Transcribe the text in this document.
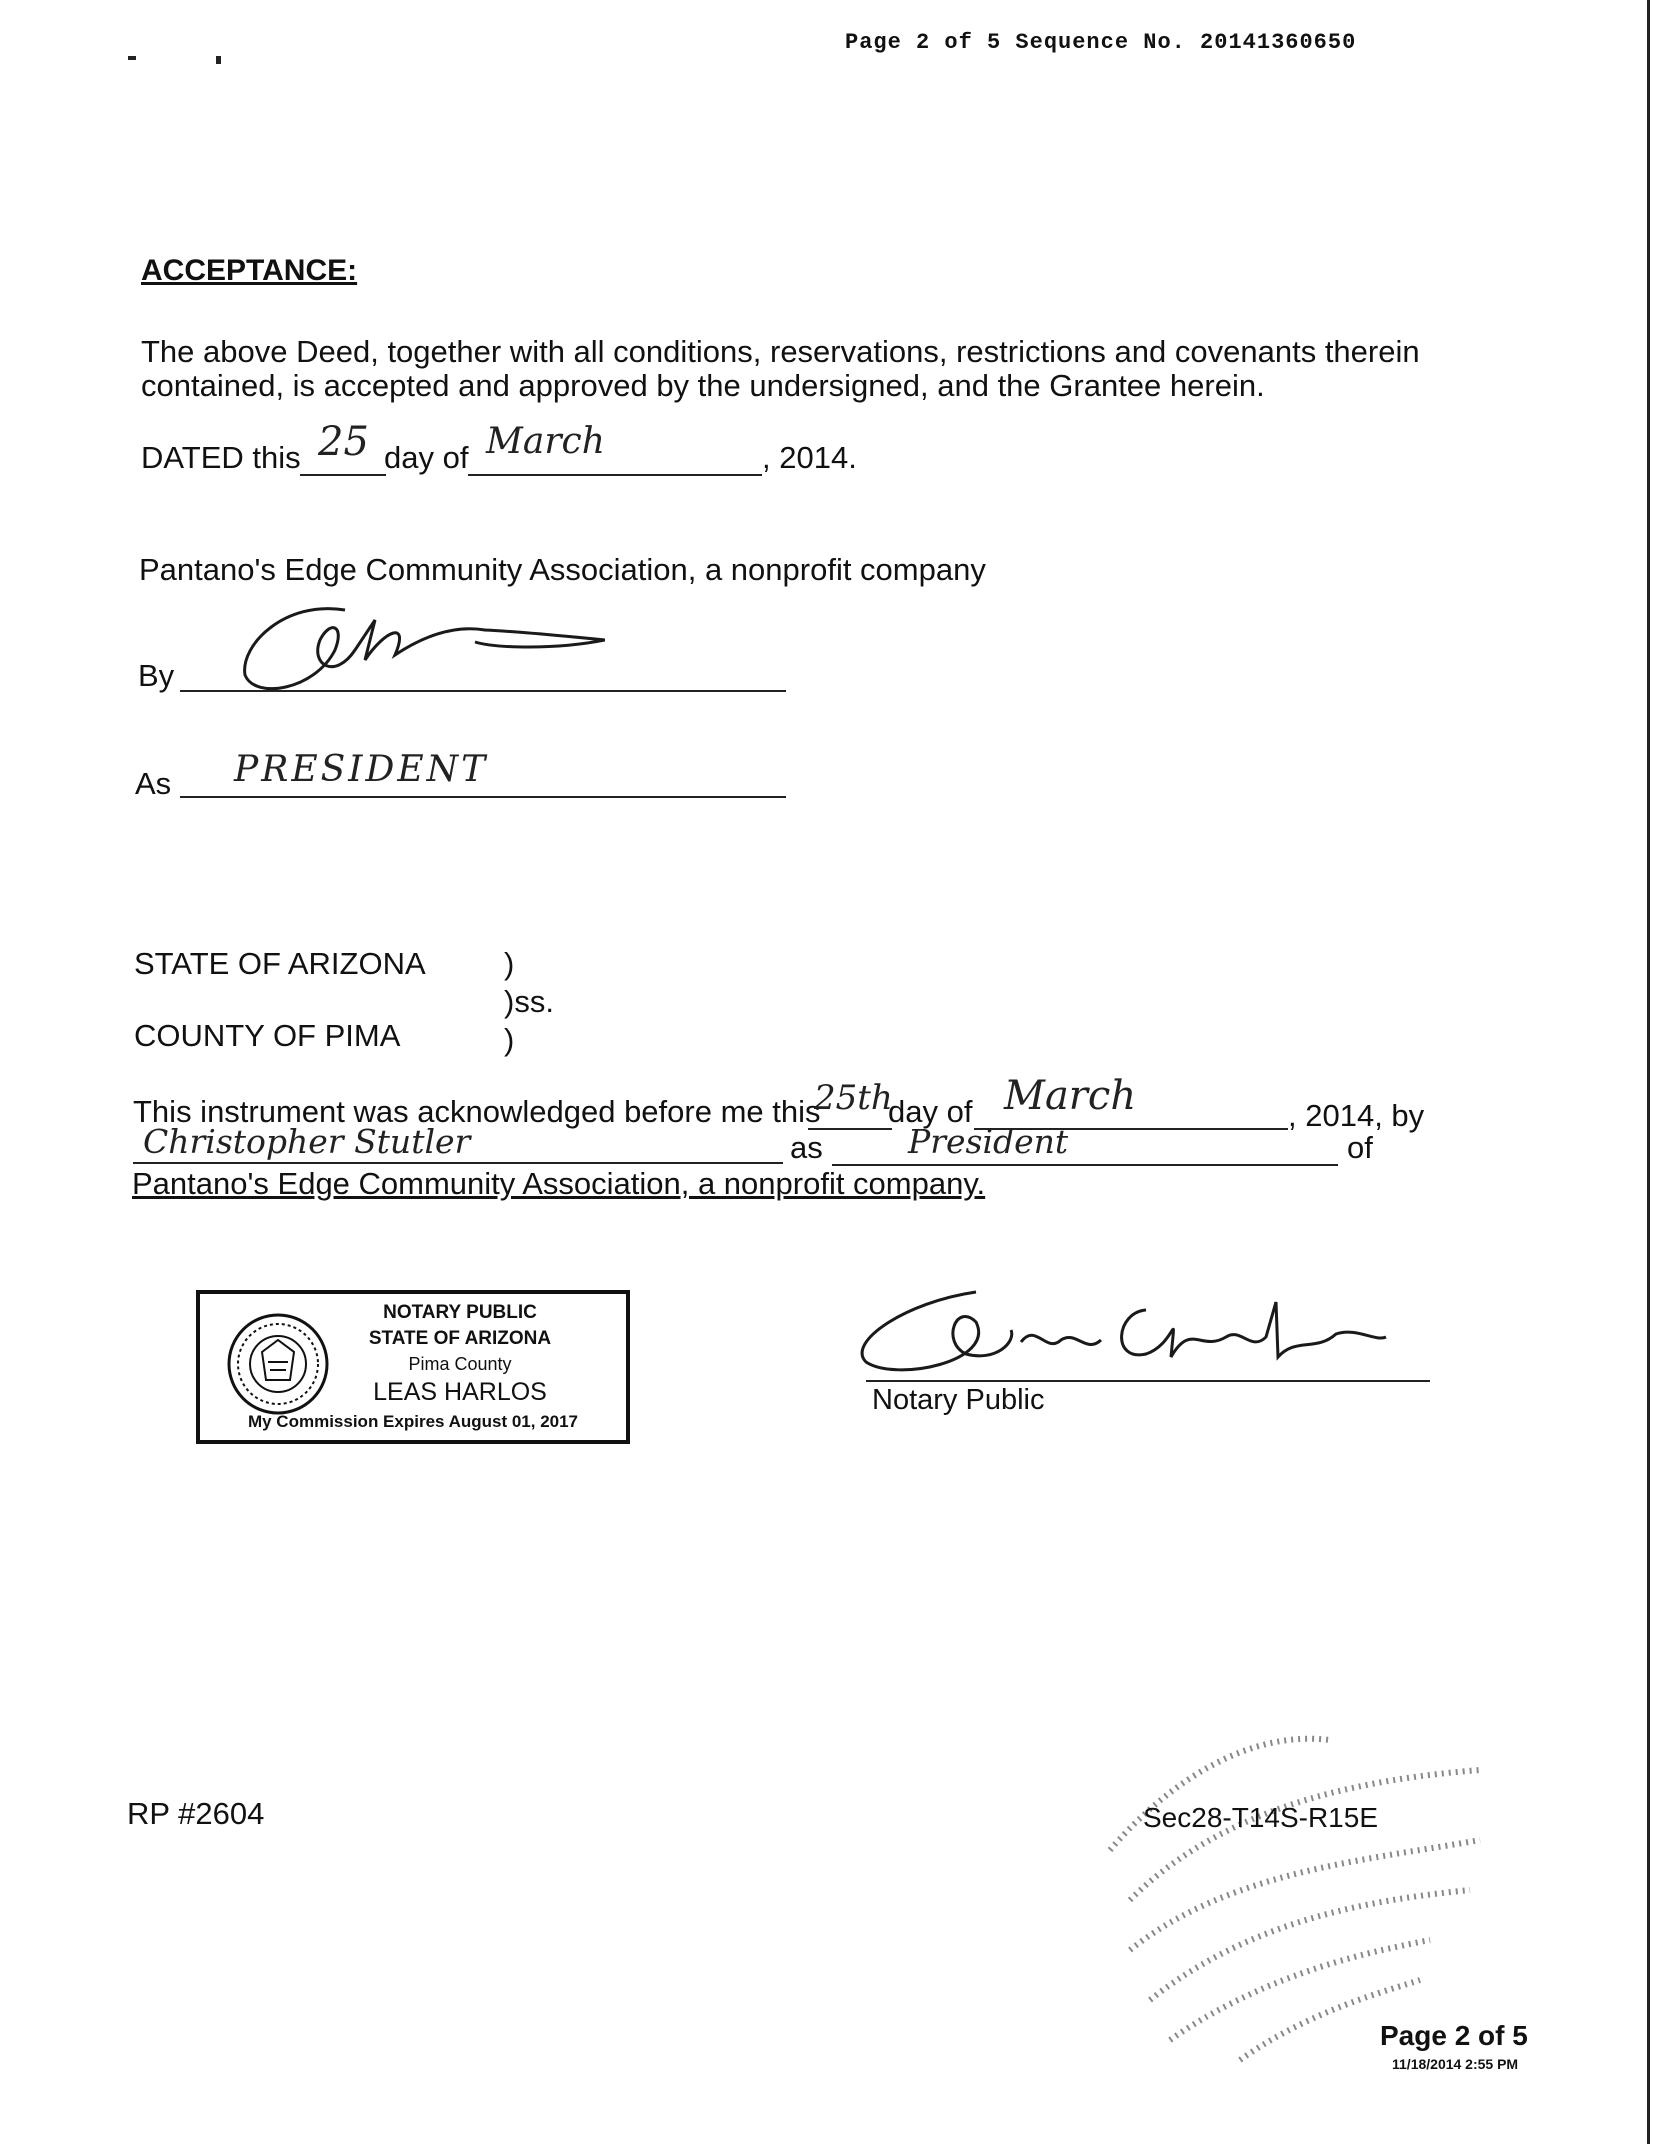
Page 2 of 5 Sequence No. 20141360650
ACCEPTANCE:
The above Deed, together with all conditions, reservations, restrictions and covenants therein
contained, is accepted and approved by the undersigned, and the Grantee herein.
DATED this 25 day of March	, 2014.
Pantano's Edge Community Association, a nonprofit company
By
As PRESIDENT
STATE OF ARIZONA	)
)ss.
COUNTY OF PIMA	)
This instrument was acknowledged before me this
25th
day of March	, 2014, by
Christopher Stutler	as	President	of
Pantano's Edge Community Association, a nonprofit company.
NOTARY PUBLIC
STATE OF ARIZONA
Pima County
LEAS HARLOS
My Commission Expires August 01, 2017
Notary Public
RP #2604	Sec28-T14S-R15E
Page 2 of 5
11/18/2014 2:55 PM
